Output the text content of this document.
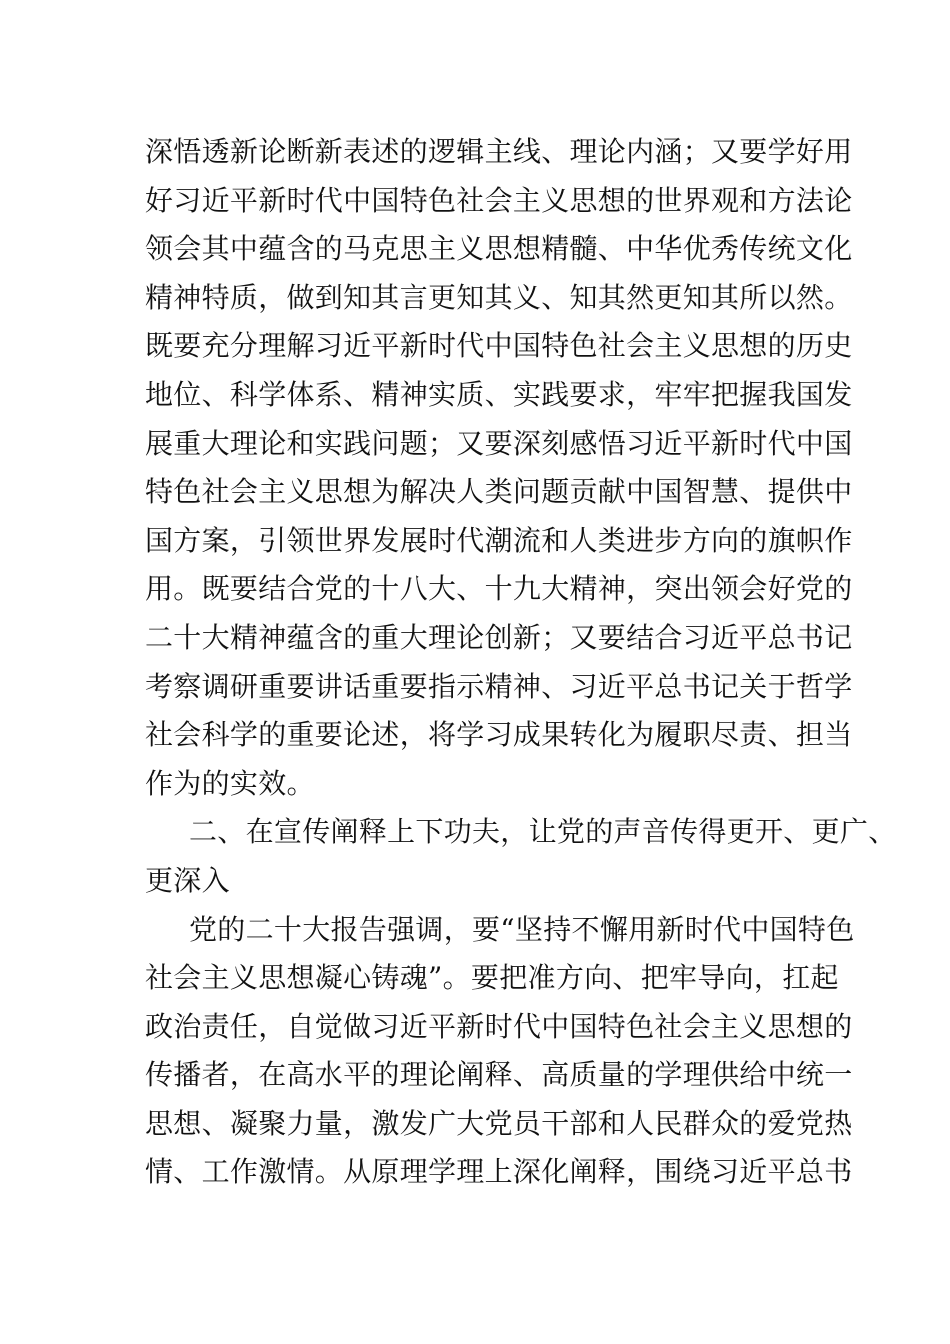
深悟透新论断新表述的逻辑主线、理论内涵；又要学好用
好习近平新时代中国特色社会主义思想的世界观和方法论
领会其中蕴含的马克思主义思想精髓、中华优秀传统文化
精神特质，做到知其言更知其义、知其然更知其所以然。
既要充分理解习近平新时代中国特色社会主义思想的历史
地位、科学体系、精神实质、实践要求，牢牢把握我国发
展重大理论和实践问题；又要深刻感悟习近平新时代中国
特色社会主义思想为解决人类问题贡献中国智慧、提供中
国方案，引领世界发展时代潮流和人类进步方向的旗帜作
用。既要结合党的十八大、十九大精神，突出领会好党的
二十大精神蕴含的重大理论创新；又要结合习近平总书记
考察调研重要讲话重要指示精神、习近平总书记关于哲学
社会科学的重要论述，将学习成果转化为履职尽责、担当
作为的实效。
二、在宣传阐释上下功夫，让党的声音传得更开、更广、
更深入
党的二十大报告强调，要“坚持不懈用新时代中国特色
社会主义思想凝心铸魂”。要把准方向、把牢导向，扛起
政治责任，自觉做习近平新时代中国特色社会主义思想的
传播者，在高水平的理论阐释、高质量的学理供给中统一
思想、凝聚力量，激发广大党员干部和人民群众的爱党热
情、工作激情。从原理学理上深化阐释，围绕习近平总书
